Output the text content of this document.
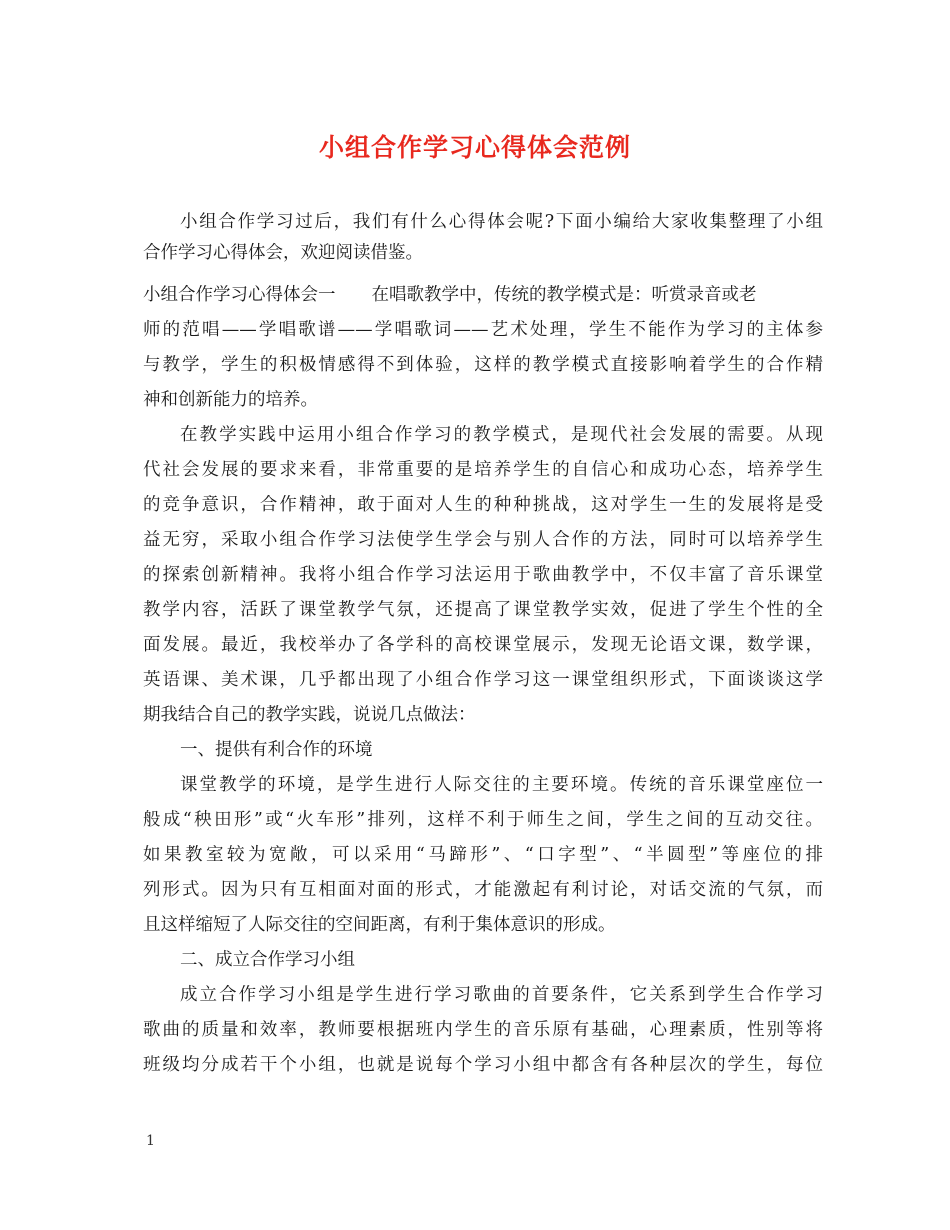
小组合作学习心得体会范例
小组合作学习过后，我们有什么心得体会呢?下面小编给大家收集整理了小组
合作学习心得体会，欢迎阅读借鉴。
小组合作学习心得体会一 在唱歌教学中，传统的教学模式是：听赏录音或老
师的范唱——学唱歌谱——学唱歌词——艺术处理，学生不能作为学习的主体参
与教学，学生的积极情感得不到体验，这样的教学模式直接影响着学生的合作精
神和创新能力的培养。
在教学实践中运用小组合作学习的教学模式，是现代社会发展的需要。从现
代社会发展的要求来看，非常重要的是培养学生的自信心和成功心态，培养学生
的竞争意识，合作精神，敢于面对人生的种种挑战，这对学生一生的发展将是受
益无穷，采取小组合作学习法使学生学会与别人合作的方法，同时可以培养学生
的探索创新精神。我将小组合作学习法运用于歌曲教学中，不仅丰富了音乐课堂
教学内容，活跃了课堂教学气氛，还提高了课堂教学实效，促进了学生个性的全
面发展。最近，我校举办了各学科的高校课堂展示，发现无论语文课，数学课，
英语课、美术课，几乎都出现了小组合作学习这一课堂组织形式，下面谈谈这学
期我结合自己的教学实践，说说几点做法：
一、提供有利合作的环境
课堂教学的环境，是学生进行人际交往的主要环境。传统的音乐课堂座位一
般成“秧田形”或“火车形”排列，这样不利于师生之间，学生之间的互动交往。
如果教室较为宽敞，可以采用“马蹄形”、“口字型”、“半圆型”等座位的排
列形式。因为只有互相面对面的形式，才能激起有利讨论，对话交流的气氛，而
且这样缩短了人际交往的空间距离，有利于集体意识的形成。
二、成立合作学习小组
成立合作学习小组是学生进行学习歌曲的首要条件，它关系到学生合作学习
歌曲的质量和效率，教师要根据班内学生的音乐原有基础，心理素质，性别等将
班级均分成若干个小组，也就是说每个学习小组中都含有各种层次的学生，每位
1
